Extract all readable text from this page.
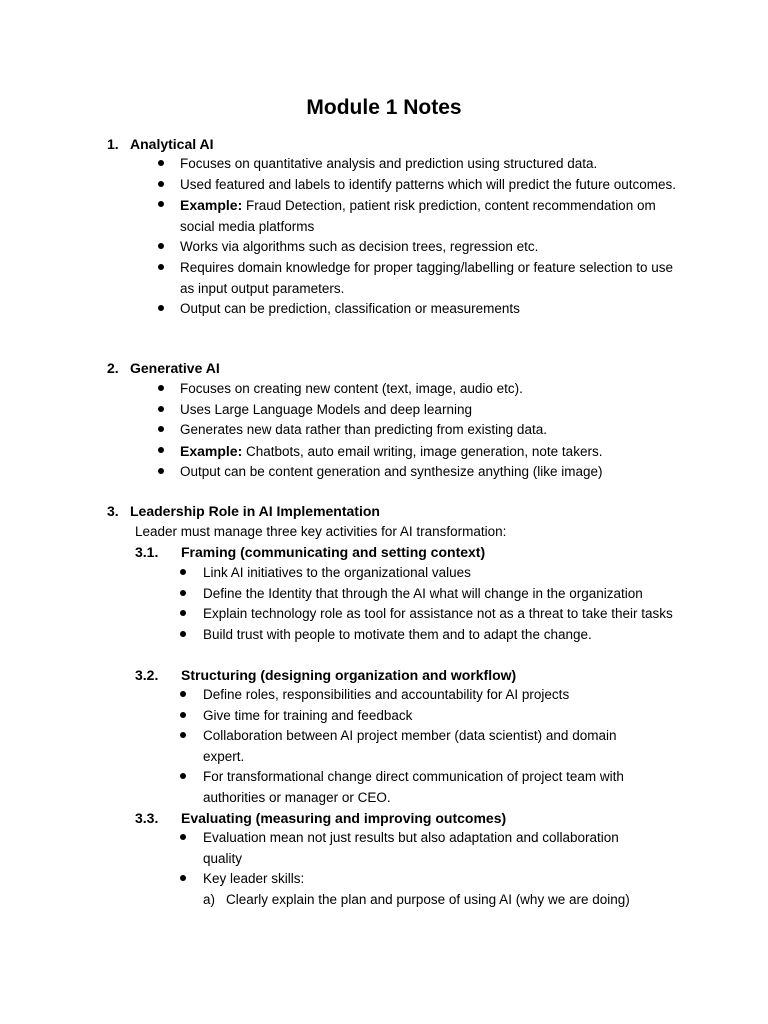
Module 1 Notes
1. Analytical AI
Focuses on quantitative analysis and prediction using structured data.
Used featured and labels to identify patterns which will predict the future outcomes.
Example: Fraud Detection, patient risk prediction, content recommendation om social media platforms
Works via algorithms such as decision trees, regression etc.
Requires domain knowledge for proper tagging/labelling or feature selection to use as input output parameters.
Output can be prediction, classification or measurements
2. Generative AI
Focuses on creating new content (text, image, audio etc).
Uses Large Language Models and deep learning
Generates new data rather than predicting from existing data.
Example: Chatbots, auto email writing, image generation, note takers.
Output can be content generation and synthesize anything (like image)
3. Leadership Role in AI Implementation
Leader must manage three key activities for AI transformation:
3.1. Framing (communicating and setting context)
Link AI initiatives to the organizational values
Define the Identity that through the AI what will change in the organization
Explain technology role as tool for assistance not as a threat to take their tasks
Build trust with people to motivate them and to adapt the change.
3.2. Structuring (designing organization and workflow)
Define roles, responsibilities and accountability for AI projects
Give time for training and feedback
Collaboration between AI project member (data scientist) and domain expert.
For transformational change direct communication of project team with authorities or manager or CEO.
3.3. Evaluating (measuring and improving outcomes)
Evaluation mean not just results but also adaptation and collaboration quality
Key leader skills:
a) Clearly explain the plan and purpose of using AI (why we are doing)
